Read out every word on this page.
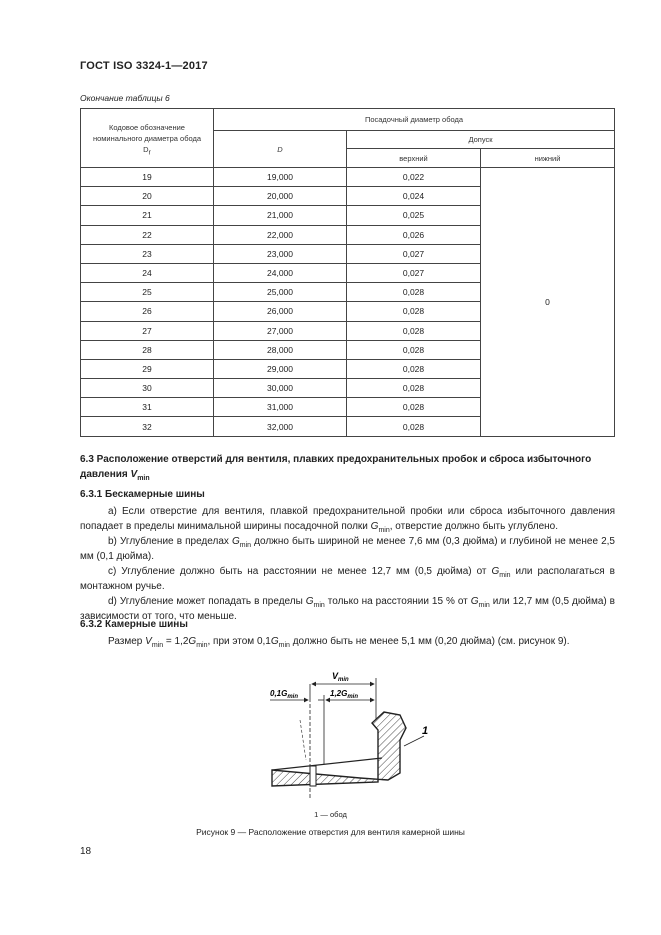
ГОСТ ISO 3324-1—2017
Окончание таблицы 6
Кодовое обозначение номинального диаметра обода $D_r$	Посадочный диаметр обода		
	D	Допуск	
		верхний	нижний
19	19,000	0,022	0
20	20,000	0,024	
21	21,000	0,025	
22	22,000	0,026	
23	23,000	0,027	
24	24,000	0,027	
25	25,000	0,028	
26	26,000	0,028	
27	27,000	0,028	
28	28,000	0,028	
29	29,000	0,028	
30	30,000	0,028	
31	31,000	0,028	
32	32,000	0,028	
6.3 Расположение отверстий для вентиля, плавких предохранительных пробок и сброса избыточного давления $V_{min}$
6.3.1 Бескамерные шины
a) Если отверстие для вентиля, плавкой предохранительной пробки или сброса избыточного давления попадает в пределы минимальной ширины посадочной полки $G_{min}$, отверстие должно быть углублено.
b) Углубление в пределах $G_{min}$ должно быть шириной не менее 7,6 мм (0,3 дюйма) и глубиной не менее 2,5 мм (0,1 дюйма).
c) Углубление должно быть на расстоянии не менее 12,7 мм (0,5 дюйма) от $G_{min}$ или располагаться в монтажном ручье.
d) Углубление может попадать в пределы $G_{min}$ только на расстоянии 15 % от $G_{min}$ или 12,7 мм (0,5 дюйма) в зависимости от того, что меньше.
6.3.2 Камерные шины
Размер $V_{min} = 1,2G_{min}$, при этом $0,1G_{min}$ должно быть не менее 5,1 мм (0,20 дюйма) (см. рисунок 9).
$V_{min}$
$0,1G_{min}$	$1,2G_{min}$
1
1 — обод
Рисунок 9 — Расположение отверстия для вентиля камерной шины
18
